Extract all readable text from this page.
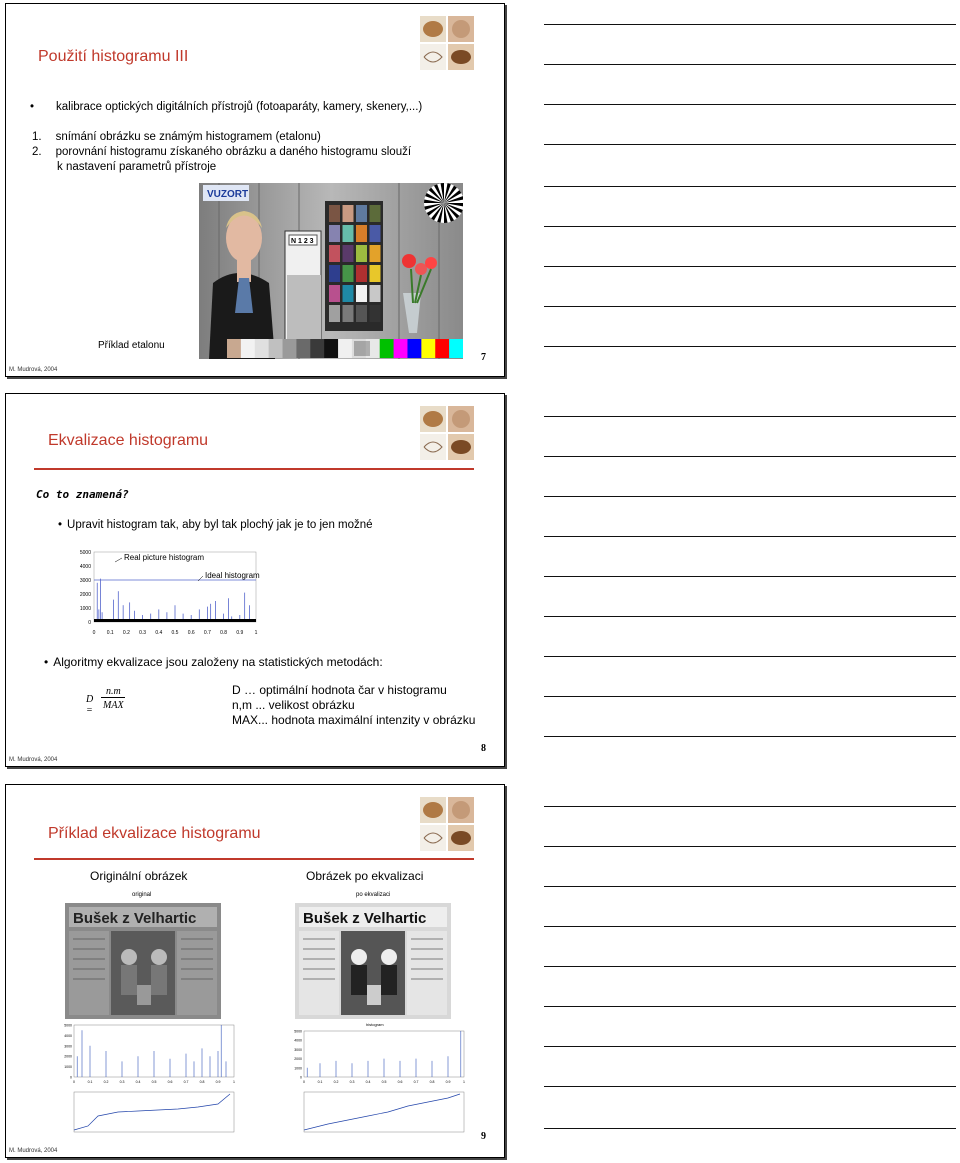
Použití histogramu III
• kalibrace optických digitálních přístrojů (fotoaparáty, kamery, skenery,...)
1. snímání obrázku se známým histogramem (etalonu)
2. porovnání histogramu získaného obrázku a daného histogramu slouží
k nastavení parametrů přístroje
VUZORT
N 1 2 3
Příklad etalonu
7
M. Mudrová, 2004
Ekvalizace histogramu
Co to znamená?
• Upravit histogram tak, aby byl tak plochý jak je to jen možné
0
1000
2000
3000
4000
5000
0 0.1 0.2 0.3 0.4 0.5 0.6 0.7 0.8 0.9 1
Real picture histogram
Ideal histogram
• Algoritmy ekvalizace jsou založeny na statistických metodách:
D =
n.m
MAX
D … optimální hodnota čar v histogramu
n,m ... velikost obrázku
MAX... hodnota maximální intenzity v obrázku
8
M. Mudrová, 2004
Příklad ekvalizace histogramu
Originální obrázek	Obrázek po ekvalizaci
original	po ekvalizaci
Bušek z Velhartic	Bušek z Velhartic
0
1000
2000
3000
4000
5000
0	0.1	0.2	0.3	0.4	0.5	0.6	0.7	0.8	0.9	1
histogram
0
1000
2000
3000
4000
5000
0	0.1	0.2	0.3	0.4	0.5	0.6	0.7	0.8	0.9	1
9
M. Mudrová, 2004
